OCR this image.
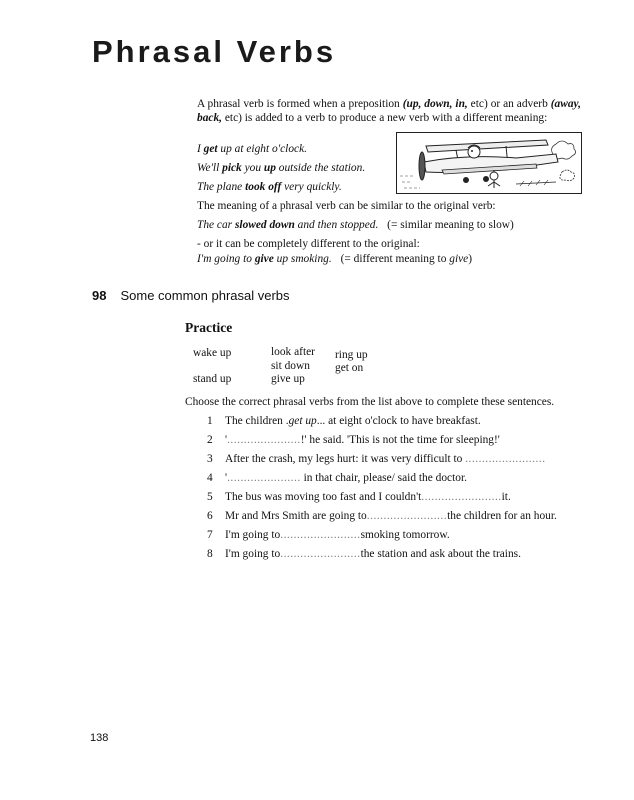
Phrasal Verbs
A phrasal verb is formed when a preposition (up, down, in, etc) or an adverb (away, back, etc) is added to a verb to produce a new verb with a different meaning:
I get up at eight o'clock.
We'll pick you up outside the station.
The plane took off very quickly.
The meaning of a phrasal verb can be similar to the original verb:
The car slowed down and then stopped. (= similar meaning to slow)
- or it can be completely different to the original:
I'm going to give up smoking. (= different meaning to give)
98 Some common phrasal verbs
Practice
wake up	look after
sit down
ring up
get on
stand up	give up
Choose the correct phrasal verbs from the list above to complete these sentences.
1 The children .get up... at eight o'clock to have breakfast.
2 '......................!' he said. 'This is not the time for sleeping!'
3 After the crash, my legs hurt: it was very difficult to ........................
4 '...................... in that chair, please/ said the doctor.
5 The bus was moving too fast and I couldn't........................it.
6 Mr and Mrs Smith are going to........................the children for an hour.
7 I'm going to........................smoking tomorrow.
8 I'm going to........................the station and ask about the trains.
138
